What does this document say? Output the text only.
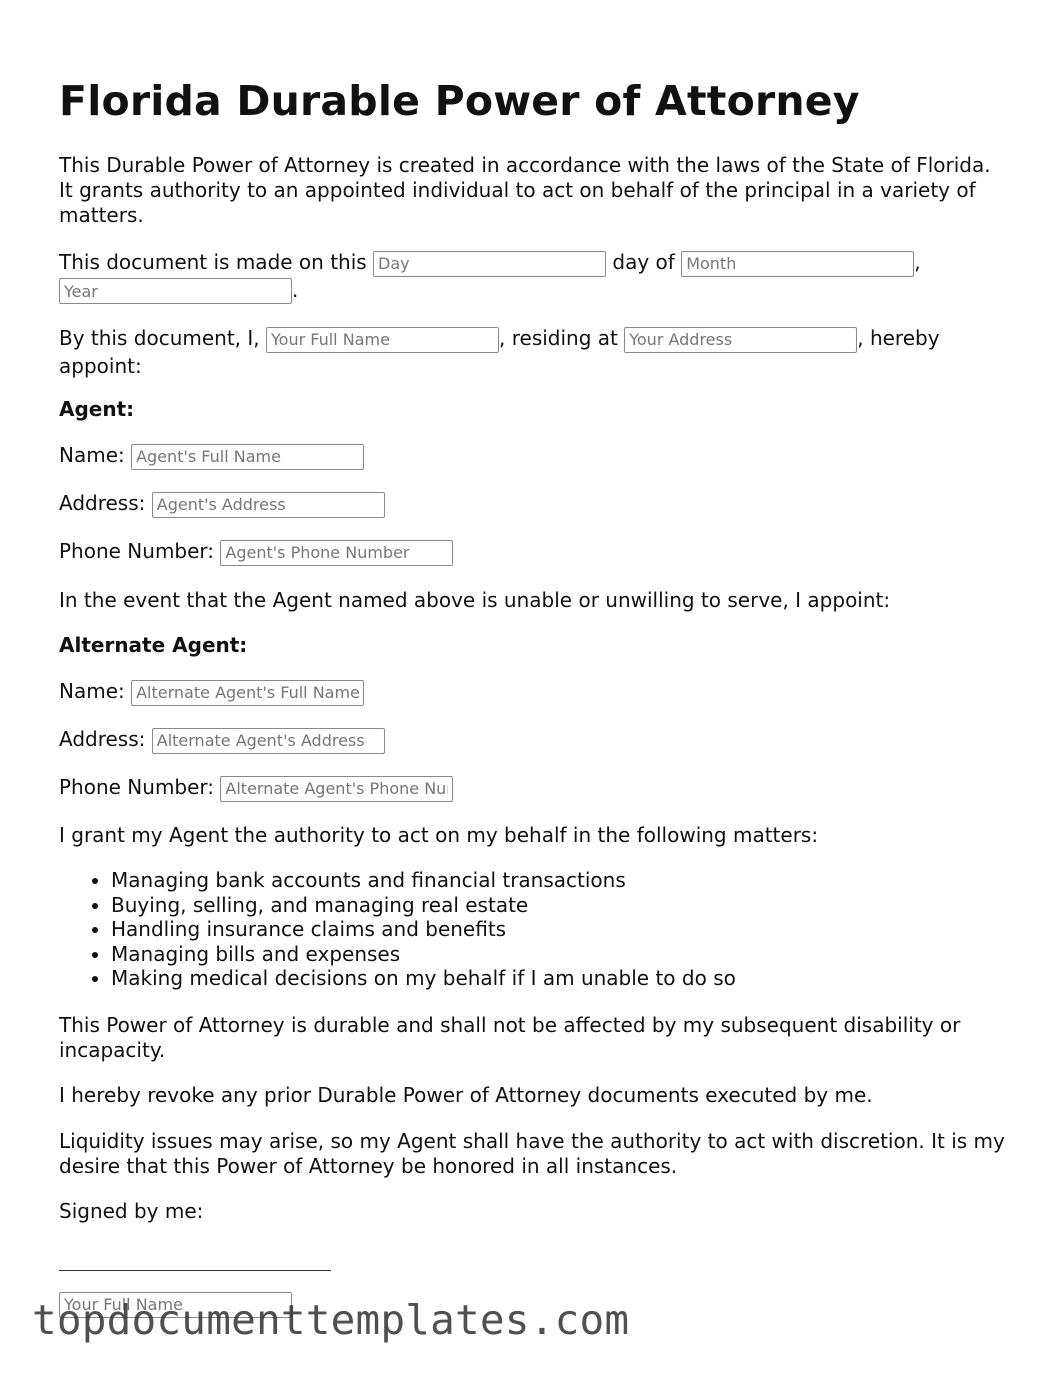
Florida Durable Power of Attorney

This Durable Power of Attorney is created in accordance with the laws of the State of Florida. It grants authority to an appointed individual to act on behalf of the principal in a variety of matters.

This document is made on this Day	day of Month	,
Year.

By this document, I, Your Full Name	, residing at Your Address	, hereby appoint:

Agent:

Name: Agent's Full Name

Address: Agent's Address

Phone Number: Agent's Phone Number

In the event that the Agent named above is unable or unwilling to serve, I appoint:

Alternate Agent:

Name: Alternate Agent's Full Name

Address: Alternate Agent's Address

Phone Number: Alternate Agent's Phone Number

I grant my Agent the authority to act on my behalf in the following matters:

• Managing bank accounts and financial transactions
• Buying, selling, and managing real estate
• Handling insurance claims and benefits
• Managing bills and expenses
• Making medical decisions on my behalf if I am unable to do so

This Power of Attorney is durable and shall not be affected by my subsequent disability or incapacity.

I hereby revoke any prior Durable Power of Attorney documents executed by me.

Liquidity issues may arise, so my Agent shall have the authority to act with discretion. It is my desire that this Power of Attorney be honored in all instances.

Signed by me:

Your Full Name
topdocumenttemplates.com
